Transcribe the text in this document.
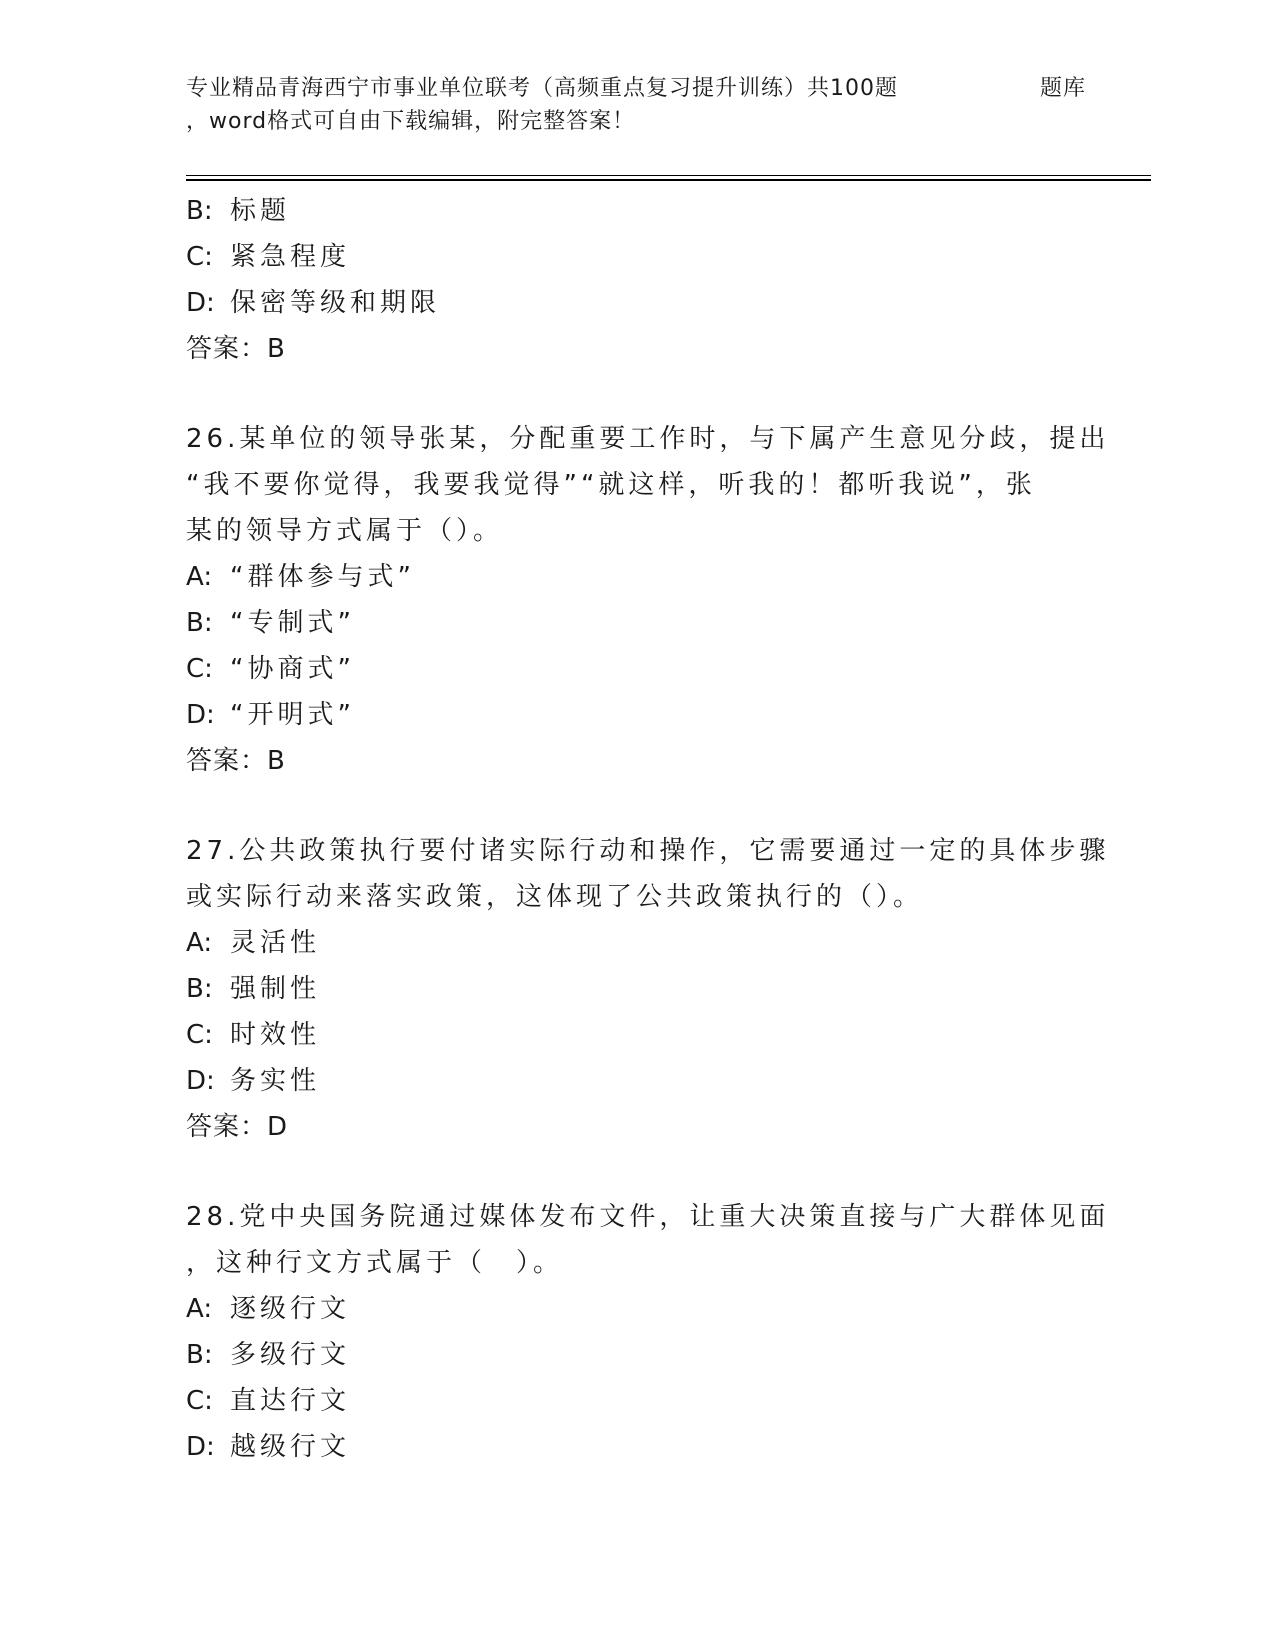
专业精品青海西宁市事业单位联考（高频重点复习提升训练）共100题	题库
，word格式可自由下载编辑，附完整答案！
B: 标题
C: 紧急程度
D: 保密等级和期限
答案：B
26.某单位的领导张某，分配重要工作时，与下属产生意见分歧，提出
“我不要你觉得，我要我觉得”“就这样，听我的！都听我说”，张
某的领导方式属于（）。
A: “群体参与式”
B: “专制式”
C: “协商式”
D: “开明式”
答案：B
27.公共政策执行要付诸实际行动和操作，它需要通过一定的具体步骤
或实际行动来落实政策，这体现了公共政策执行的（）。
A: 灵活性
B: 强制性
C: 时效性
D: 务实性
答案：D
28.党中央国务院通过媒体发布文件，让重大决策直接与广大群体见面
，这种行文方式属于（　）。
A: 逐级行文
B: 多级行文
C: 直达行文
D: 越级行文
